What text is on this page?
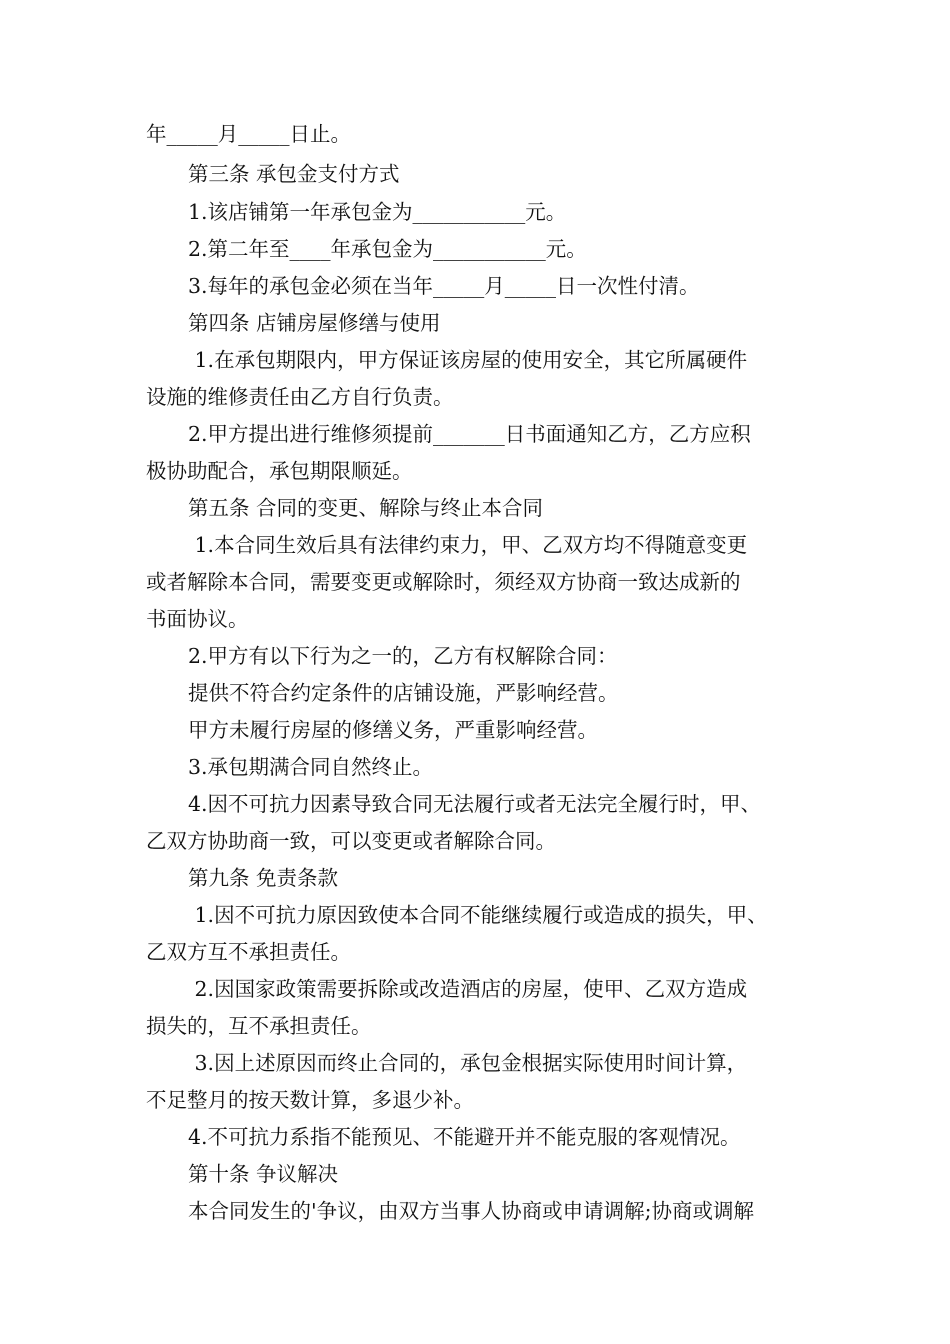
年_____月_____日止。
第三条 承包金支付方式
1.该店铺第一年承包金为___________元。
2.第二年至____年承包金为___________元。
3.每年的承包金必须在当年_____月_____日一次性付清。
第四条 店铺房屋修缮与使用
1.在承包期限内，甲方保证该房屋的使用安全，其它所属硬件
设施的维修责任由乙方自行负责。
2.甲方提出进行维修须提前_______日书面通知乙方，乙方应积
极协助配合，承包期限顺延。
第五条 合同的变更、解除与终止本合同
1.本合同生效后具有法律约束力，甲、乙双方均不得随意变更
或者解除本合同，需要变更或解除时，须经双方协商一致达成新的
书面协议。
2.甲方有以下行为之一的，乙方有权解除合同：
提供不符合约定条件的店铺设施，严影响经营。
甲方未履行房屋的修缮义务，严重影响经营。
3.承包期满合同自然终止。
4.因不可抗力因素导致合同无法履行或者无法完全履行时，甲、
乙双方协助商一致，可以变更或者解除合同。
第九条 免责条款
1.因不可抗力原因致使本合同不能继续履行或造成的损失，甲、
乙双方互不承担责任。
2.因国家政策需要拆除或改造酒店的房屋，使甲、乙双方造成
损失的，互不承担责任。
3.因上述原因而终止合同的，承包金根据实际使用时间计算，
不足整月的按天数计算，多退少补。
4.不可抗力系指不能预见、不能避开并不能克服的客观情况。
第十条 争议解决
本合同发生的'争议，由双方当事人协商或申请调解;协商或调解
